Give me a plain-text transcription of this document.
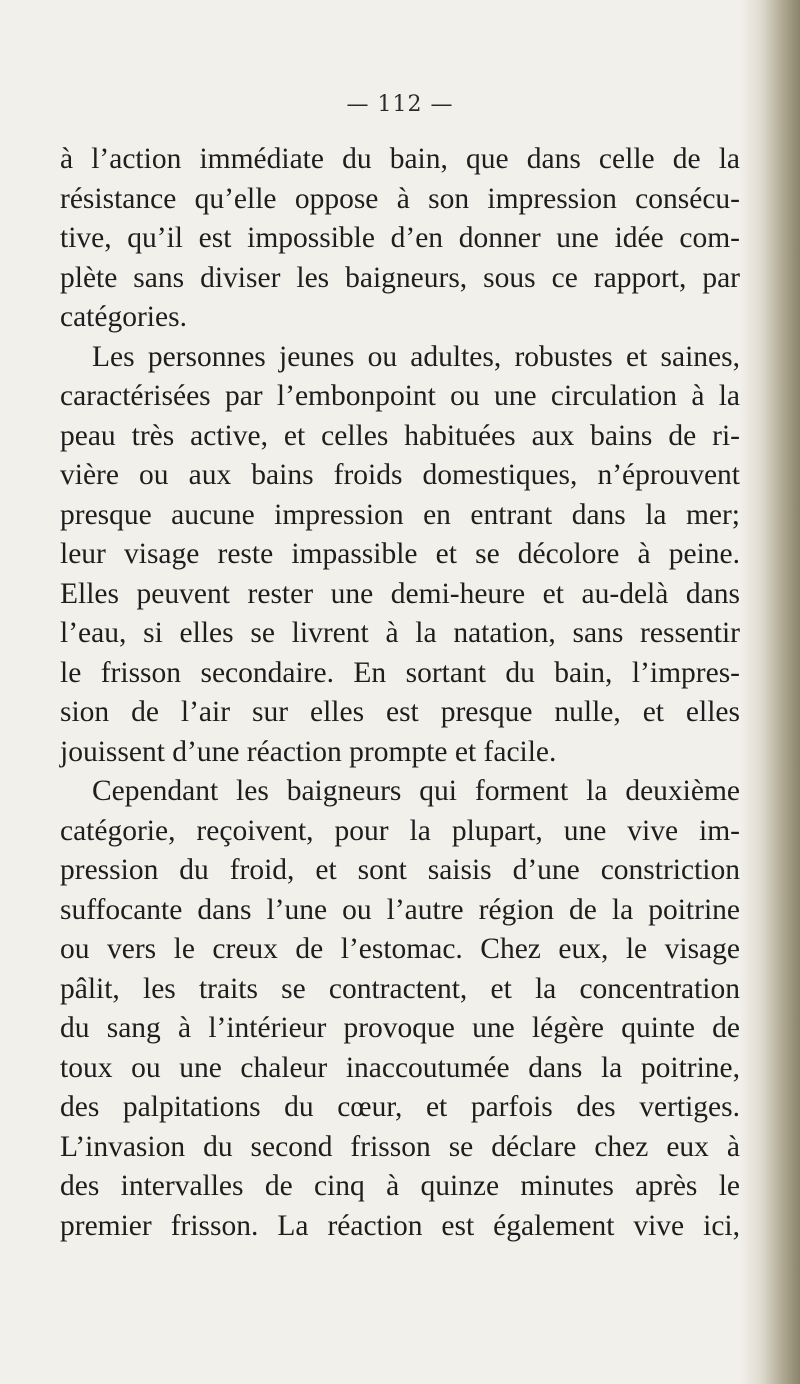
— 112 —
à l’action immédiate du bain, que dans celle de la
résistance qu’elle oppose à son impression consécu-
tive, qu’il est impossible d’en donner une idée com-
plète sans diviser les baigneurs, sous ce rapport, par
catégories.
Les personnes jeunes ou adultes, robustes et saines,
caractérisées par l’embonpoint ou une circulation à la
peau très active, et celles habituées aux bains de ri-
vière ou aux bains froids domestiques, n’éprouvent
presque aucune impression en entrant dans la mer;
leur visage reste impassible et se décolore à peine.
Elles peuvent rester une demi-heure et au-delà dans
l’eau, si elles se livrent à la natation, sans ressentir
le frisson secondaire. En sortant du bain, l’impres-
sion de l’air sur elles est presque nulle, et elles
jouissent d’une réaction prompte et facile.
Cependant les baigneurs qui forment la deuxième
catégorie, reçoivent, pour la plupart, une vive im-
pression du froid, et sont saisis d’une constriction
suffocante dans l’une ou l’autre région de la poitrine
ou vers le creux de l’estomac. Chez eux, le visage
pâlit, les traits se contractent, et la concentration
du sang à l’intérieur provoque une légère quinte de
toux ou une chaleur inaccoutumée dans la poitrine,
des palpitations du cœur, et parfois des vertiges.
L’invasion du second frisson se déclare chez eux à
des intervalles de cinq à quinze minutes après le
premier frisson. La réaction est également vive ici,
